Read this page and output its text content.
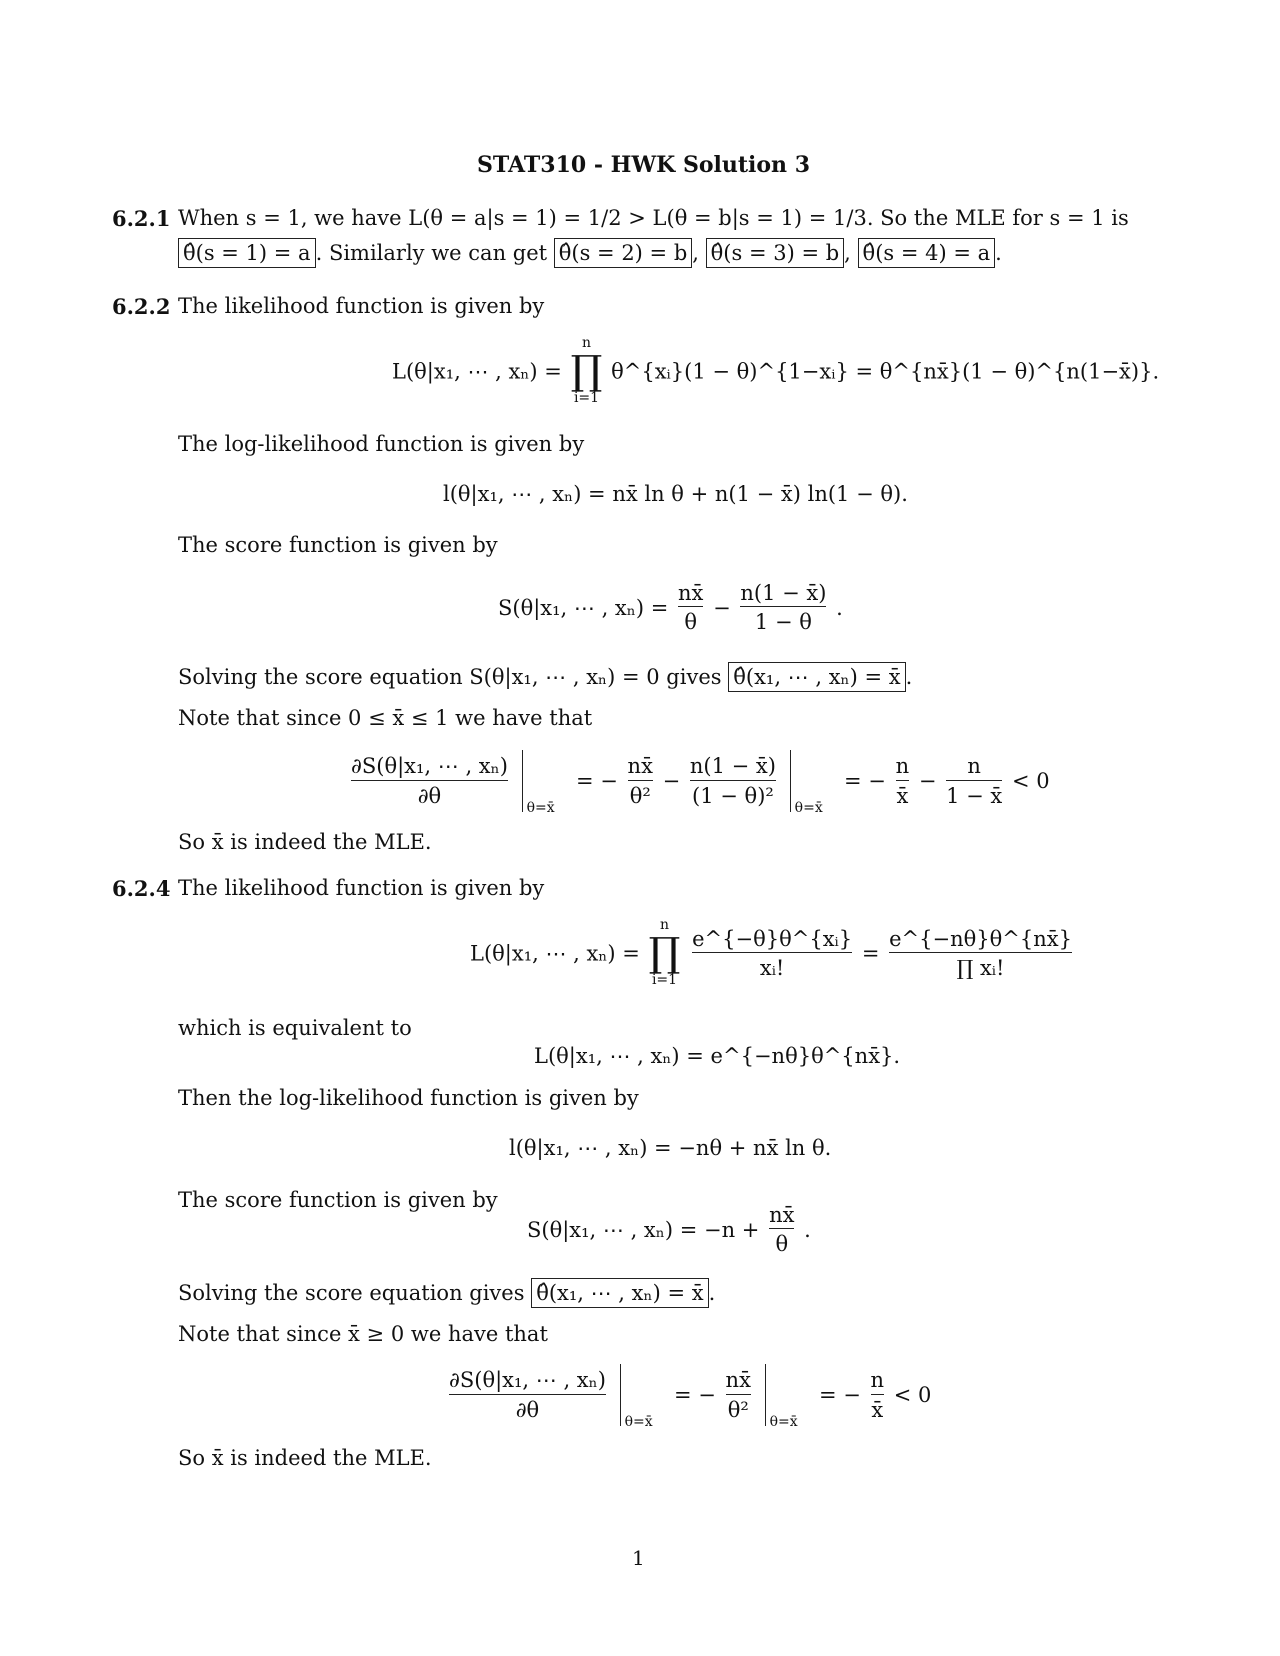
STAT310 - HWK Solution 3
6.2.1 When s = 1, we have L(θ = a|s = 1) = 1/2 > L(θ = b|s = 1) = 1/3. So the MLE for s = 1 is
θ̂(s = 1) = a . Similarly we can get θ̂(s = 2) = b , θ̂(s = 3) = b , θ̂(s = 4) = a .
6.2.2 The likelihood function is given by
L(θ|x₁, ⋯ , xₙ) =
n
∏
i=1
θ^{xᵢ}(1 − θ)^{1−xᵢ} = θ^{nx̄}(1 − θ)^{n(1−x̄)}.
The log-likelihood function is given by
l(θ|x₁, ⋯ , xₙ) = nx̄ ln θ + n(1 − x̄) ln(1 − θ).
The score function is given by
S(θ|x₁, ⋯ , $x_n) = \frac{nx̄}{\theta} - \frac{n(1 - x̄)}{1 - \theta}$ .
Solving the score equation S(θ|x₁, ⋯ , xₙ) = 0 gives θ̂(x₁, ⋯ , xₙ) = x̄ .
Note that since 0 ≤ x̄ ≤ 1 we have that
$\frac{\text{∂S(θ|x₁, ⋯ , xₙ)}}{\partial\theta}$
θ=x̄
= − $\frac{nx̄}{\text{θ²}} - \frac{n(1 - x̄)}{\text{(1 − θ)²}}$
θ=x̄
= − $\frac{n}{x̄} - \frac{n}{1 - x̄} < 0$
So x̄ is indeed the MLE.
6.2.4 The likelihood function is given by
L(θ|x₁, ⋯ , xₙ) =
n
∏
i=1
$\frac{\text{e\textasciicircum{}\{−θ\}θ\textasciicircum{}\{xᵢ\}}}{\text{xᵢ!}} = \frac{e\^{}\{-n\theta\}\theta\^{}\{nx̄\}}{\text{∏ xᵢ!}}$
which is equivalent to
L(θ|x₁, ⋯ , xₙ) = e^{−nθ}θ^{nx̄}.
Then the log-likelihood function is given by
l(θ|x₁, ⋯ , xₙ) = −nθ + nx̄ ln θ.
The score function is given by
S(θ|x₁, ⋯ , $x_n) = -n + \frac{nx̄}{\theta}$ .
Solving the score equation gives θ̂(x₁, ⋯ , xₙ) = x̄ .
Note that since x̄ ≥ 0 we have that
$\frac{\text{∂S(θ|x₁, ⋯ , xₙ)}}{\partial\theta}$
θ=x̄
= − $\frac{nx̄}{\text{θ²}}$
θ=x̄
= − $\frac{n}{x̄} < 0$
So x̄ is indeed the MLE.
1
